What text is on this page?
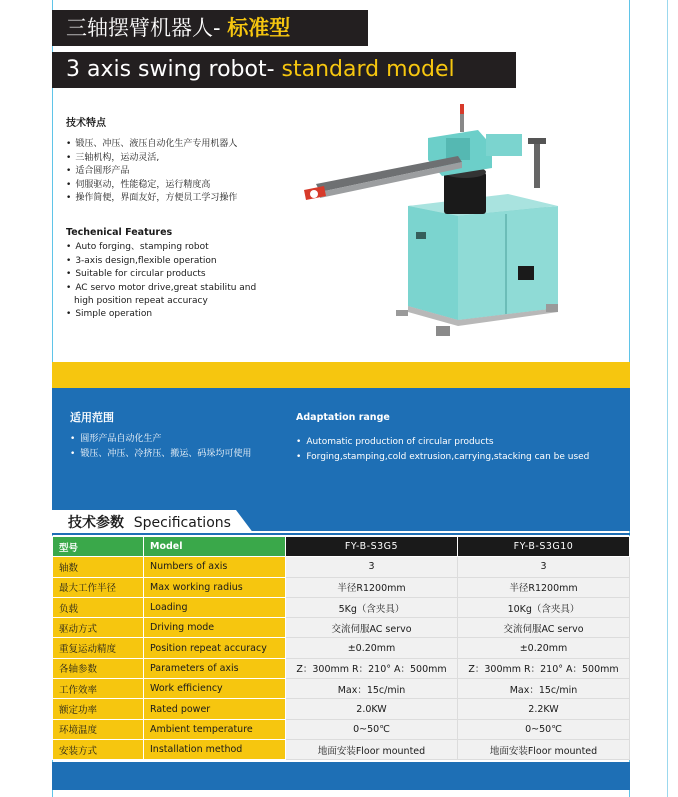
三轴摆臂机器人- 标准型
3 axis swing robot- standard model
技术特点
• 锻压、冲压、液压自动化生产专用机器人
• 三轴机构，运动灵活,
• 适合圆形产品
• 伺服驱动，性能稳定，运行精度高
• 操作简便，界面友好，方便员工学习操作
Techenical Features
• Auto forging、stamping robot
• 3-axis design,flexible operation
• Suitable for circular products
• AC servo motor drive,great stabilitu and
high position repeat accuracy
• Simple operation
适用范围
• 圆形产品自动化生产
• 锻压、冲压、冷挤压、搬运、码垛均可使用
Adaptation range
• Automatic production of circular products
• Forging,stamping,cold extrusion,carrying,stacking can be used
技术参数 Specifications
型号	Model	FY-B-S3G5	FY-B-S3G10
轴数	Numbers of axis	3	3
最大工作半径	Max working radius	半径R1200mm	半径R1200mm
负载	Loading	5Kg（含夹具）	10Kg（含夹具）
驱动方式	Driving mode	交流伺服AC servo	交流伺服AC servo
重复运动精度	Position repeat accuracy	±0.20mm	±0.20mm
各轴参数	Parameters of axis	Z：300mm R：210° A：500mm	Z：300mm R：210° A：500mm
工作效率	Work efficiency	Max：15c/min	Max：15c/min
额定功率	Rated power	2.0KW	2.2KW
环境温度	Ambient temperature	0~50℃	0~50℃
安装方式	Installation method	地面安装Floor mounted	地面安装Floor mounted
